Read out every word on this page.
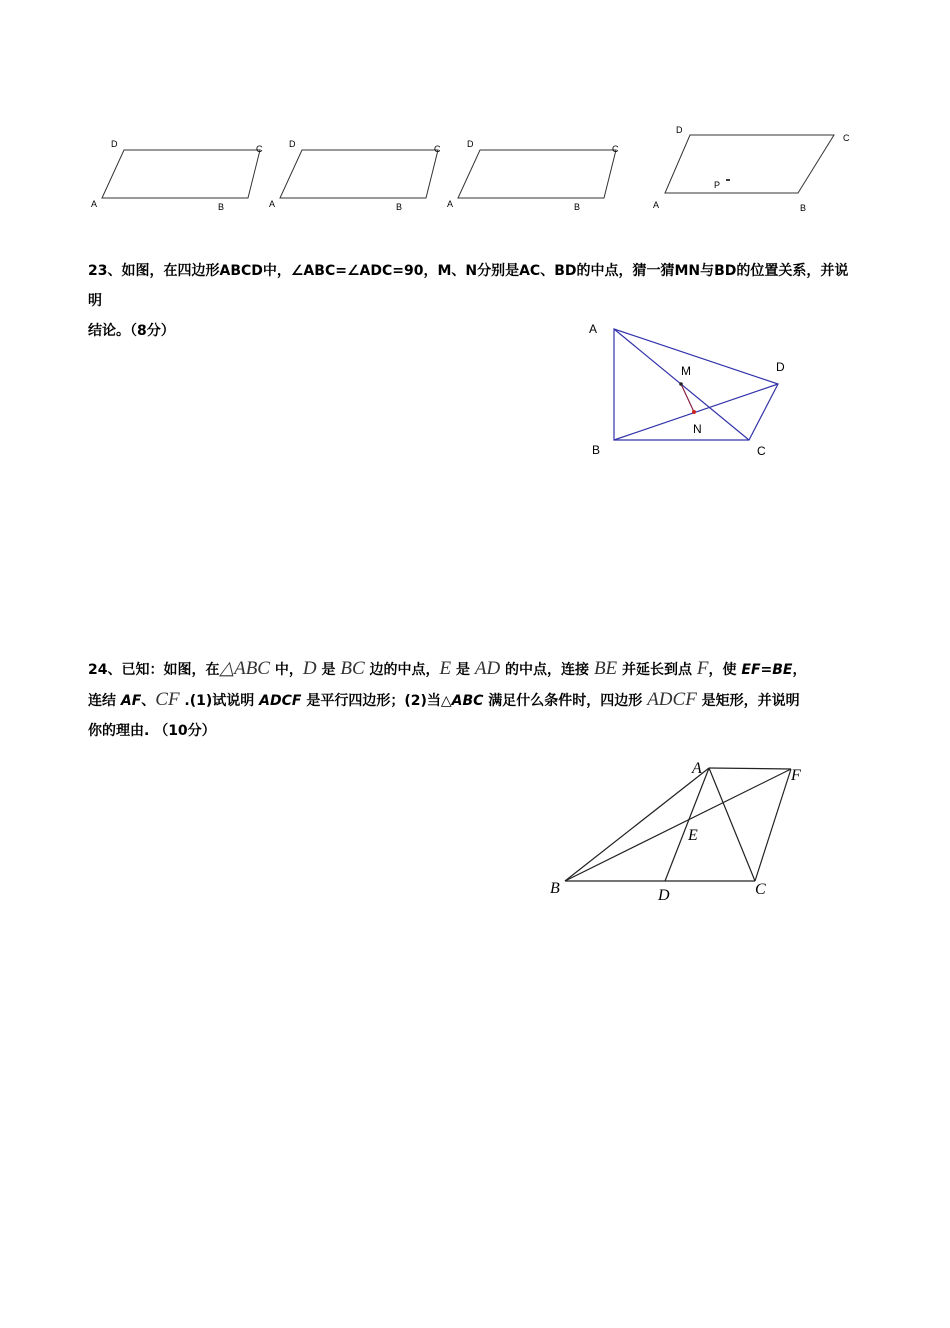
D	C
A	B
D	C
A	B
D	C
A	B
D
C
A	B
P
23、如图，在四边形ABCD中，∠ABC=∠ADC=90，M、N分别是AC、BD的中点，猜一猜MN与BD的位置关系，并说明
结论。（8分）	A
D
M
N
B	C
24、已知：如图，在△ABC 中，D 是 BC 边的中点，E 是 AD 的中点，连接 BE 并延长到点 F，使 EF=BE，
连结 AF、CF .(1)试说明 ADCF 是平行四边形；(2)当△ABC 满足什么条件时，四边形 ADCF 是矩形，并说明
你的理由. （10分）
A	F
E
B	D	C
